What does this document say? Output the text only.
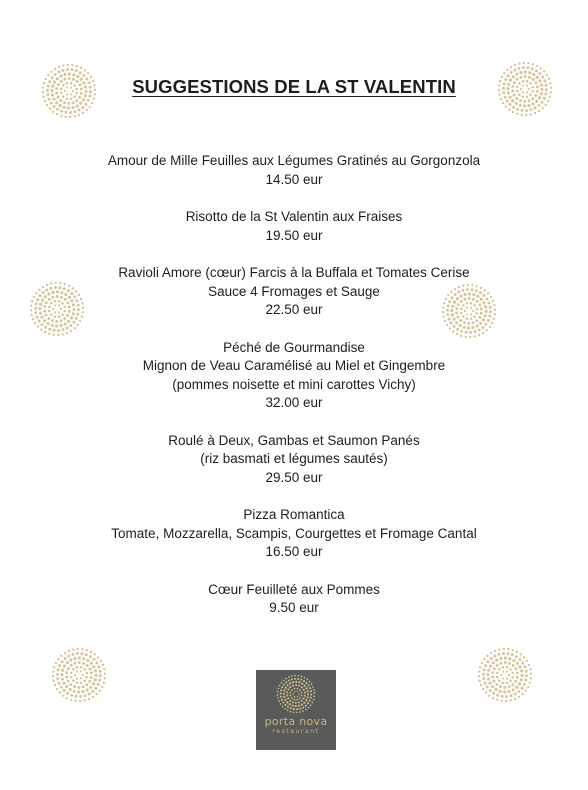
SUGGESTIONS DE LA ST VALENTIN
Amour de Mille Feuilles aux Légumes Gratinés au Gorgonzola
14.50 eur
Risotto de la St Valentin aux Fraises
19.50 eur
Ravioli Amore (cœur) Farcis à la Buffala et Tomates Cerise
Sauce 4 Fromages et Sauge
22.50 eur
Péché de Gourmandise
Mignon de Veau Caramélisé au Miel et Gingembre
(pommes noisette et mini carottes Vichy)
32.00 eur
Roulé à Deux, Gambas et Saumon Panés
(riz basmati et légumes sautés)
29.50 eur
Pizza Romantica
Tomate, Mozzarella, Scampis, Courgettes et Fromage Cantal
16.50 eur
Cœur Feuilleté aux Pommes
9.50 eur
porta nova
restaurant
